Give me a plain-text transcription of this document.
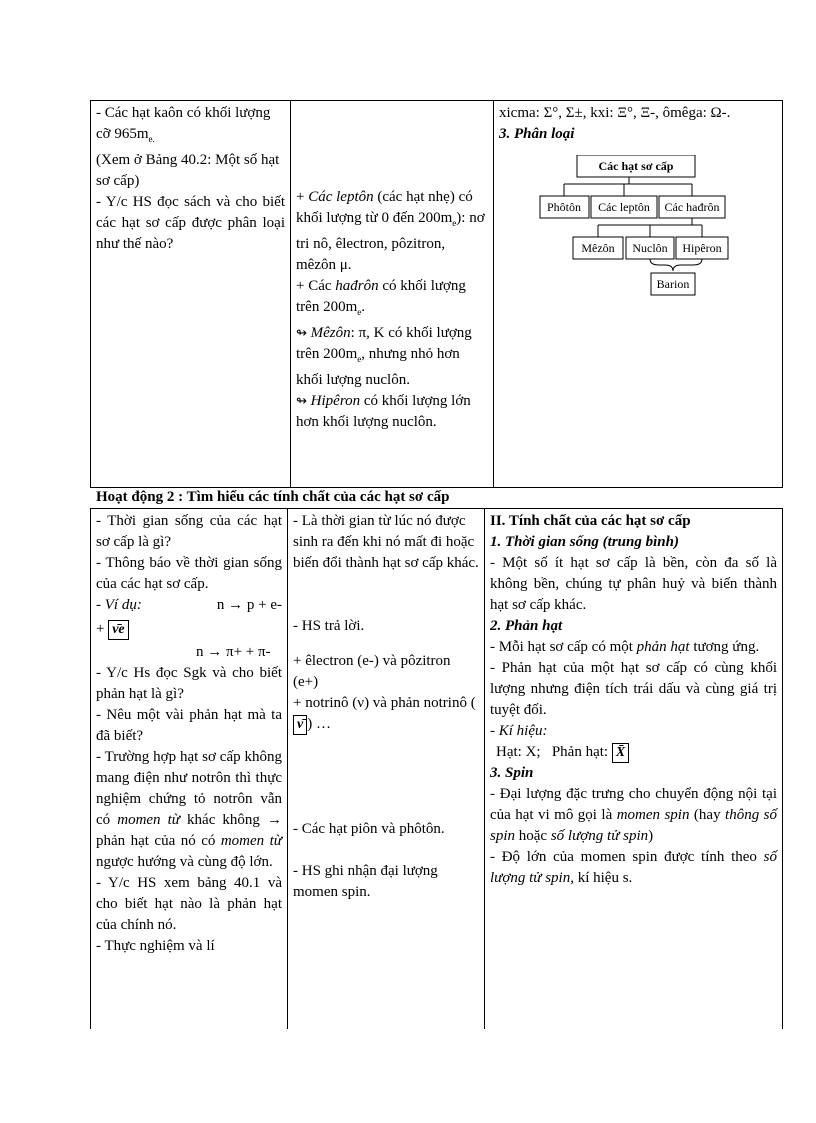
- Các hạt kaôn có khối lượng cỡ $965m_{e.}$
(Xem ở Bảng 40.2: Một số hạt sơ cấp)
- Y/c HS đọc sách và cho biết các hạt sơ cấp được phân loại như thế nào?

+ Các leptôn (các hạt nhẹ) có khối lượng từ 0 đến $200m_e$): nơ tri nô, êlectron, pôzitron, mêzôn μ.
+ Các hađrôn có khối lượng trên $200m_e$.
↬ Mêzôn: π, K có khối lượng trên $200m_e$, nhưng nhỏ hơn khối lượng nuclôn.
↬ Hipêron có khối lượng lớn hơn khối lượng nuclôn.

xicma: Σ°, Σ±, kxi: Ξ°, Ξ-, ômêga: Ω-.
3. Phân loại
Các hạt sơ cấp
Phôtôn Các leptôn Các hađrôn
Mêzôn Nuclôn Hipêron
Barion
Hoạt động 2 : Tìm hiểu các tính chất của các hạt sơ cấp
- Thời gian sống của các hạt sơ cấp là gì?
- Thông báo về thời gian sống của các hạt sơ cấp.
- Ví dụ:	n → p + e-
+ ν̄e
n → π+ + π-
- Y/c Hs đọc Sgk và cho biết phản hạt là gì?
- Nêu một vài phản hạt mà ta đã biết?
- Trường hợp hạt sơ cấp không mang điện như notrôn thì thực nghiệm chứng tỏ notrôn vẫn có momen từ khác không → phản hạt của nó có momen từ ngược hướng và cùng độ lớn.
- Y/c HS xem bảng 40.1 và cho biết hạt nào là phản hạt của chính nó.
- Thực nghiệm và lí

- Là thời gian từ lúc nó được sinh ra đến khi nó mất đi hoặc biến đổi thành hạt sơ cấp khác.
- HS trả lời.
+ êlectron (e-) và pôzitron (e+)
+ notrinô (ν) và phản notrinô (ν̄ ) …
- Các hạt piôn và phôtôn.
- HS ghi nhận đại lượng momen spin.

II. Tính chất của các hạt sơ cấp
1. Thời gian sống (trung bình)
- Một số ít hạt sơ cấp là bền, còn đa số là không bền, chúng tự phân huỷ và biến thành hạt sơ cấp khác.
2. Phản hạt
- Mỗi hạt sơ cấp có một phản hạt tương ứng.
- Phản hạt của một hạt sơ cấp có cùng khối lượng nhưng điện tích trái dấu và cùng giá trị tuyệt đối.
- Kí hiệu:
Hạt: X; Phản hạt: X̄
3. Spin
- Đại lượng đặc trưng cho chuyển động nội tại của hạt vi mô gọi là momen spin (hay thông số spin hoặc số lượng tử spin)
- Độ lớn của momen spin được tính theo số lượng tử spin, kí hiệu s.
